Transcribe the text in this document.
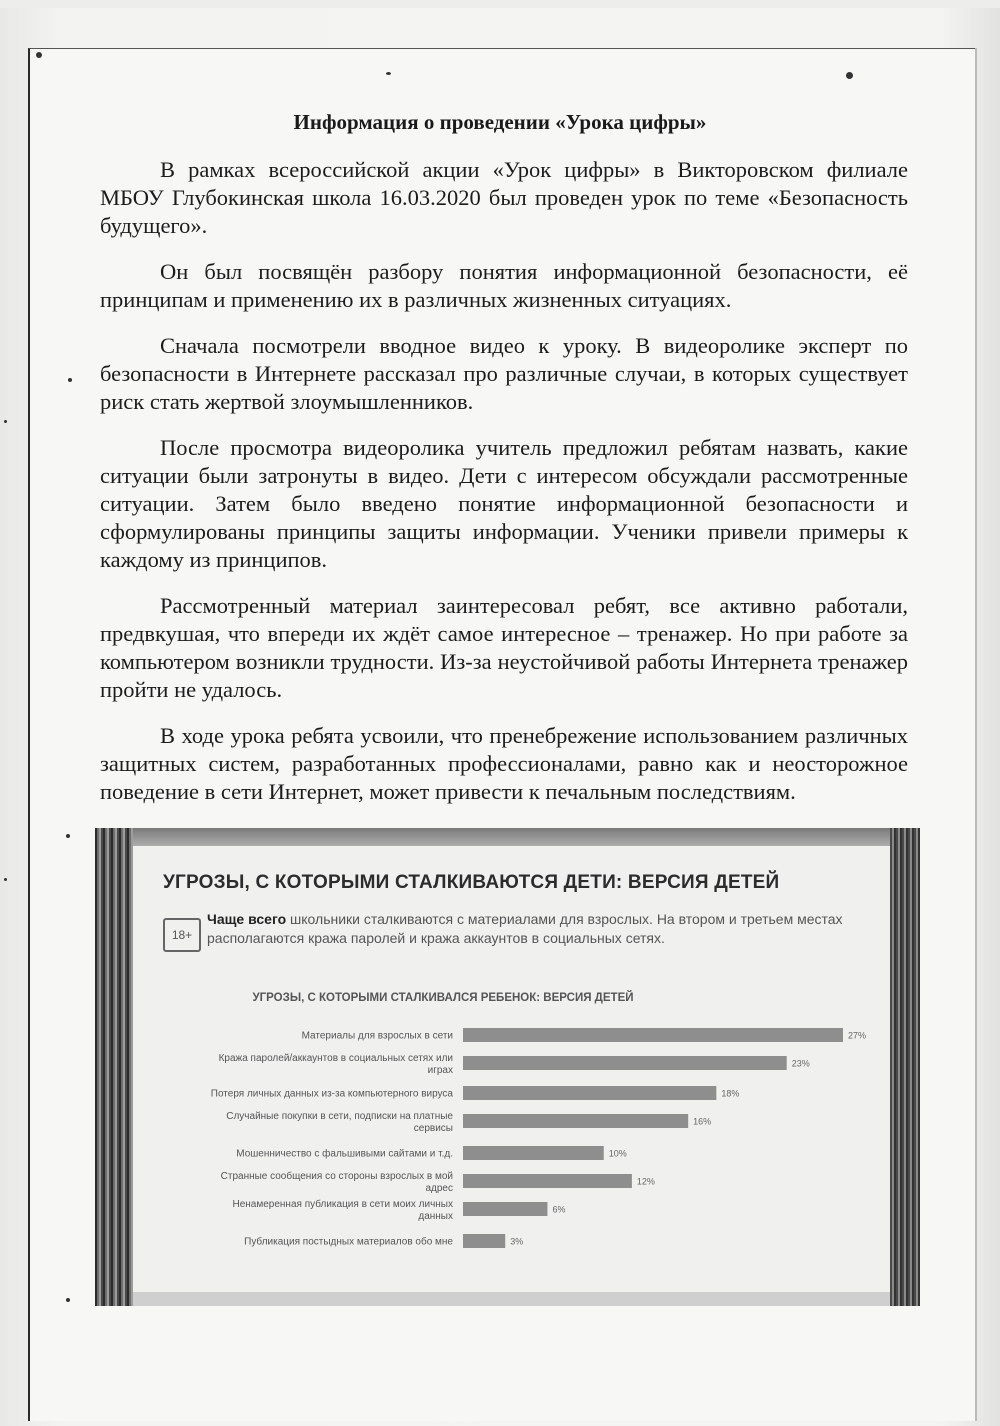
Информация о проведении «Урока цифры»

В рамках всероссийской акции «Урок цифры» в Викторовском филиале МБОУ Глубокинская школа 16.03.2020 был проведен урок по теме «Безопасность будущего».

Он был посвящён разбору понятия информационной безопасности, её принципам и применению их в различных жизненных ситуациях.

Сначала посмотрели вводное видео к уроку. В видеоролике эксперт по безопасности в Интернете рассказал про различные случаи, в которых существует риск стать жертвой злоумышленников.

После просмотра видеоролика учитель предложил ребятам назвать, какие ситуации были затронуты в видео. Дети с интересом обсуждали рассмотренные ситуации. Затем было введено понятие информационной безопасности и сформулированы принципы защиты информации. Ученики привели примеры к каждому из принципов.

Рассмотренный материал заинтересовал ребят, все активно работали, предвкушая, что впереди их ждёт самое интересное – тренажер. Но при работе за компьютером возникли трудности. Из-за неустойчивой работы Интернета тренажер пройти не удалось.

В ходе урока ребята усвоили, что пренебрежение использованием различных защитных систем, разработанных профессионалами, равно как и неосторожное поведение в сети Интернет, может привести к печальным последствиям.

УГРОЗЫ, С КОТОРЫМИ СТАЛКИВАЮТСЯ ДЕТИ: ВЕРСИЯ ДЕТЕЙ
18+
Чаще всего школьники сталкиваются с материалами для взрослых. На втором и третьем местах располагаются кража паролей и кража аккаунтов в социальных сетях.
УГРОЗЫ, С КОТОРЫМИ СТАЛКИВАЛСЯ РЕБЕНОК: ВЕРСИЯ ДЕТЕЙ
Материалы для взрослых в сети	27%
Кража паролей/аккаунтов в социальных сетях или играх
23%
Потеря личных данных из-за компьютерного вируса	18%
Случайные покупки в сети, подписки на платные сервисы
16%
Мошенничество с фальшивыми сайтами и т.д.	10%
Странные сообщения со стороны взрослых в мой адрес
12%
Ненамеренная публикация в сети моих личных данных
6%
Публикация постыдных материалов обо мне	3%
